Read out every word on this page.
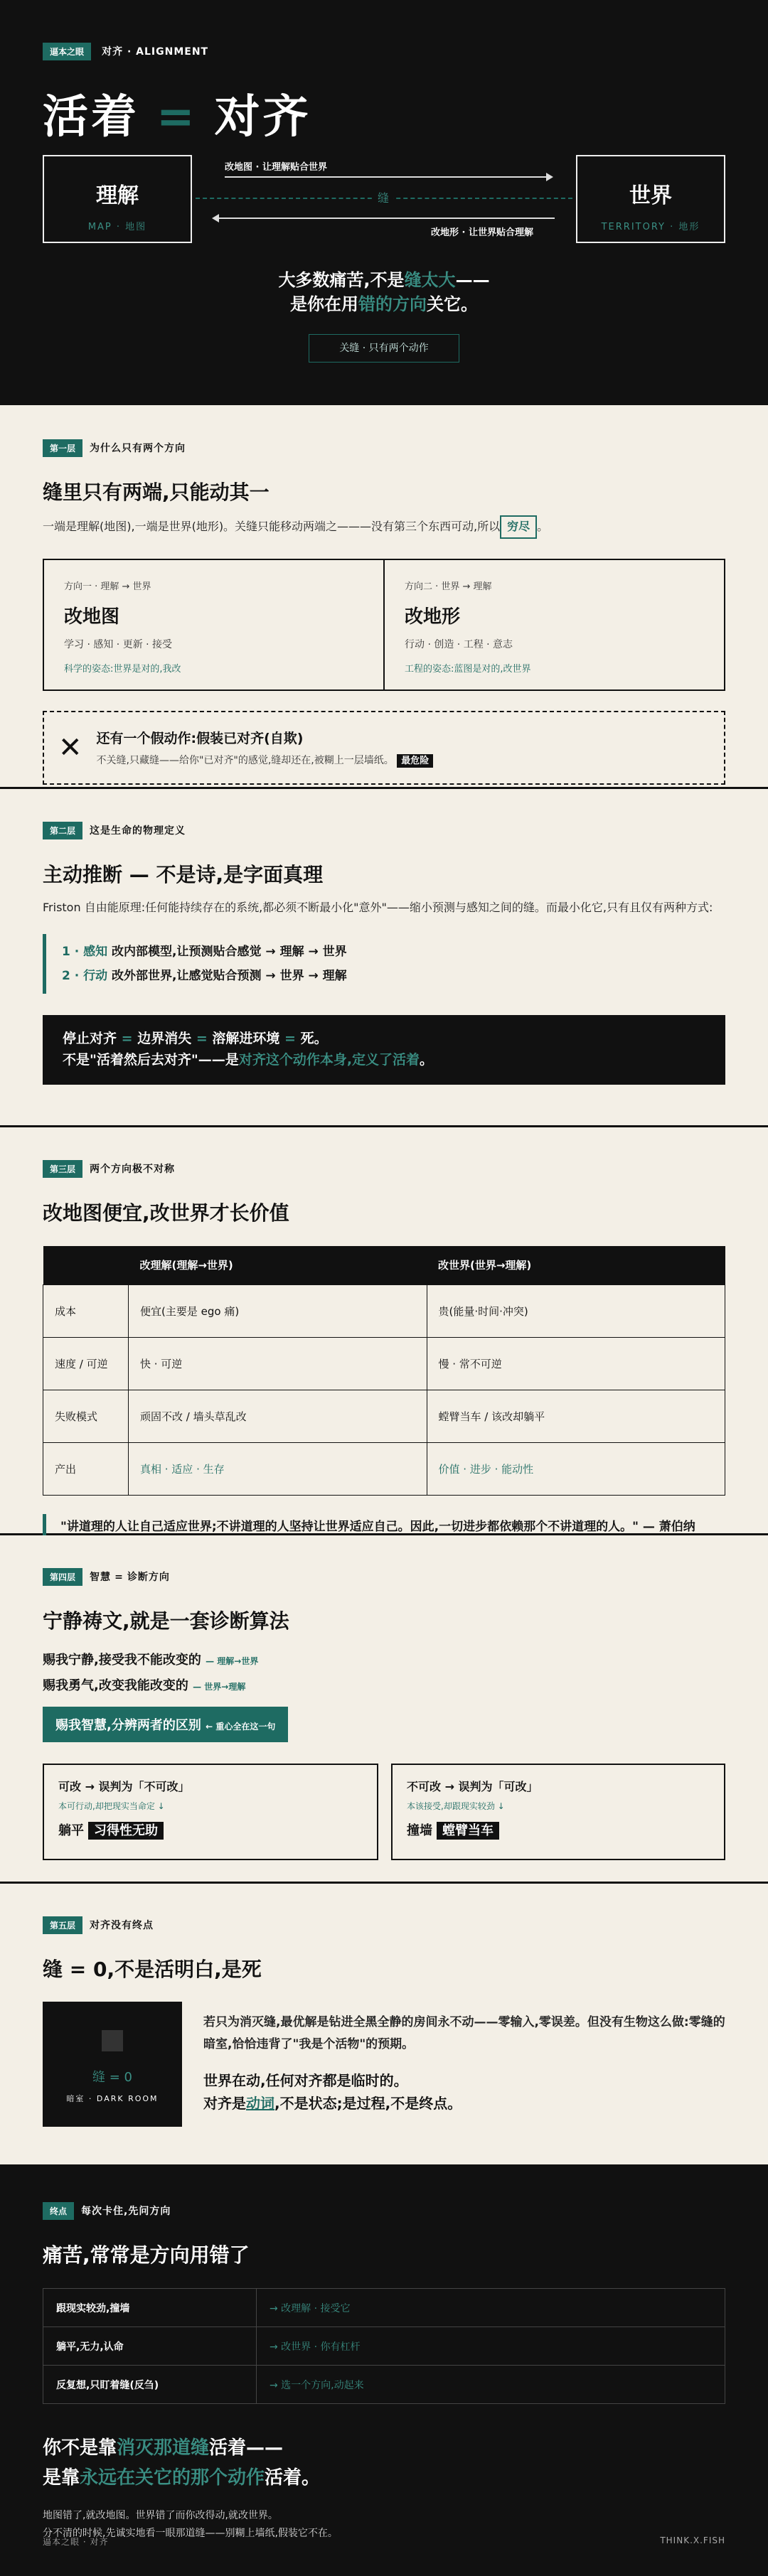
逼本之眼 对齐 · ALIGNMENT
活着 = 对齐
理解
MAP · 地图
世界
TERRITORY · 地形
改地图 · 让理解贴合世界
缝
改地形 · 让世界贴合理解
大多数痛苦,不是缝太大——
是你在用错的方向关它。
关缝 · 只有两个动作
第一层 为什么只有两个方向
缝里只有两端,只能动其一
一端是理解(地图),一端是世界(地形)。关缝只能移动两端之———没有第三个东西可动,所以 穷尽 。
方向一 · 理解 → 世界
改地图
学习 · 感知 · 更新 · 接受
科学的姿态:世界是对的,我改
方向二 · 世界 → 理解
改地形
行动 · 创造 · 工程 · 意志
工程的姿态:蓝图是对的,改世界
✕ 还有一个假动作:假装已对齐(自欺)
不关缝,只藏缝——给你"已对齐"的感觉,缝却还在,被糊上一层墙纸。 最危险
第二层 这是生命的物理定义
主动推断 — 不是诗,是字面真理
Friston 自由能原理:任何能持续存在的系统,都必须不断最小化"意外"——缩小预测与感知之间的缝。而最小化它,只有且仅有两种方式:
1 · 感知 改内部模型,让预测贴合感觉 → 理解 → 世界
2 · 行动 改外部世界,让感觉贴合预测 → 世界 → 理解
停止对齐 = 边界消失 = 溶解进环境 = 死。
不是"活着然后去对齐"——是对齐这个动作本身,定义了活着。
第三层 两个方向极不对称
改地图便宜,改世界才长价值
	改理解(理解→世界)	改世界(世界→理解)
成本	便宜(主要是 ego 痛)	贵(能量·时间·冲突)
速度 / 可逆	快 · 可逆	慢 · 常不可逆
失败模式	顽固不改 / 墙头草乱改	螳臂当车 / 该改却躺平
产出	真相 · 适应 · 生存	价值 · 进步 · 能动性
"讲道理的人让自己适应世界;不讲道理的人坚持让世界适应自己。因此,一切进步都依赖那个不讲道理的人。" — 萧伯纳
第四层 智慧 = 诊断方向
宁静祷文,就是一套诊断算法
赐我宁静,接受我不能改变的 — 理解→世界
赐我勇气,改变我能改变的 — 世界→理解
赐我智慧,分辨两者的区别 ← 重心全在这一句
可改 → 误判为「不可改」
本可行动,却把现实当命定 ↓
躺平 习得性无助
不可改 → 误判为「可改」
本该接受,却跟现实较劲 ↓
撞墙 螳臂当车
第五层 对齐没有终点
缝 = 0,不是活明白,是死
缝 = 0
暗室 · DARK ROOM
若只为消灭缝,最优解是钻进全黑全静的房间永不动——零输入,零误差。但没有生物这么做:零缝的暗室,恰恰违背了"我是个活物"的预期。
世界在动,任何对齐都是临时的。
对齐是动词,不是状态;是过程,不是终点。
终点 每次卡住,先问方向
痛苦,常常是方向用错了
跟现实较劲,撞墙	→ 改理解 · 接受它
躺平,无力,认命	→ 改世界 · 你有杠杆
反复想,只盯着缝(反刍)	→ 选一个方向,动起来
你不是靠消灭那道缝活着——
是靠永远在关它的那个动作活着。
地图错了,就改地图。世界错了而你改得动,就改世界。
分不清的时候,先诚实地看一眼那道缝——别糊上墙纸,假装它不在。
逼本之眼 · 对齐	THINK.X.FISH
